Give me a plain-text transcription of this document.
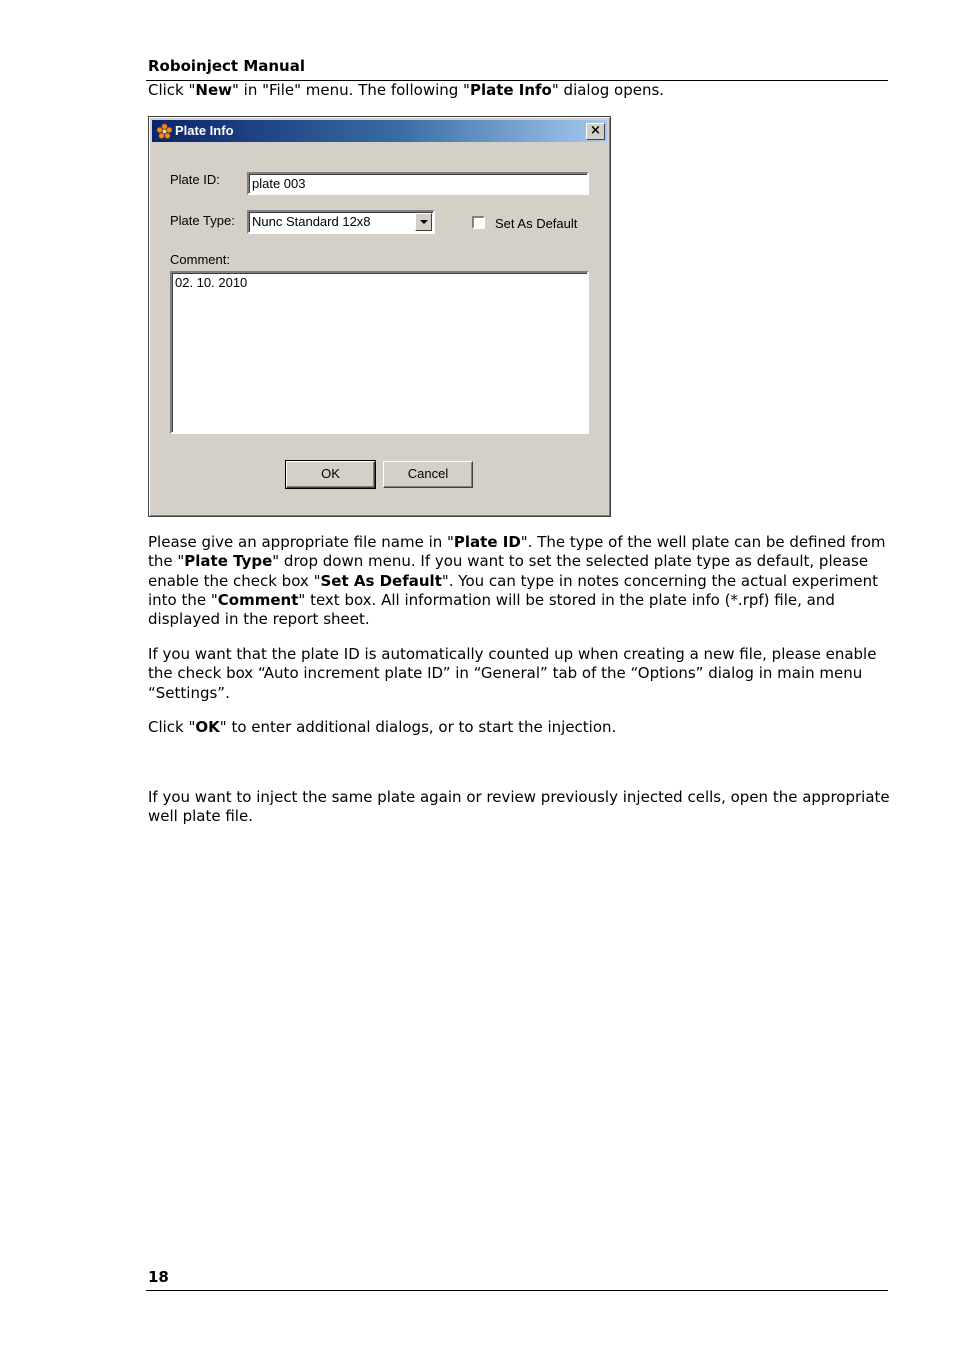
Roboinject Manual
Click "New" in "File" menu. The following "Plate Info" dialog opens.
Plate Info	×
Plate ID:	plate 003
Plate Type:	Nunc Standard 12x8	Set As Default
Comment:
02. 10. 2010
OK	Cancel
Please give an appropriate file name in "Plate ID". The type of the well plate can be defined from the "Plate Type" drop down menu. If you want to set the selected plate type as default, please enable the check box "Set As Default". You can type in notes concerning the actual experiment into the "Comment" text box. All information will be stored in the plate info (*.rpf) file, and displayed in the report sheet.
If you want that the plate ID is automatically counted up when creating a new file, please enable the check box “Auto increment plate ID” in “General” tab of the “Options” dialog in main menu “Settings”.
Click "OK" to enter additional dialogs, or to start the injection.
If you want to inject the same plate again or review previously injected cells, open the appropriate well plate file.
18
